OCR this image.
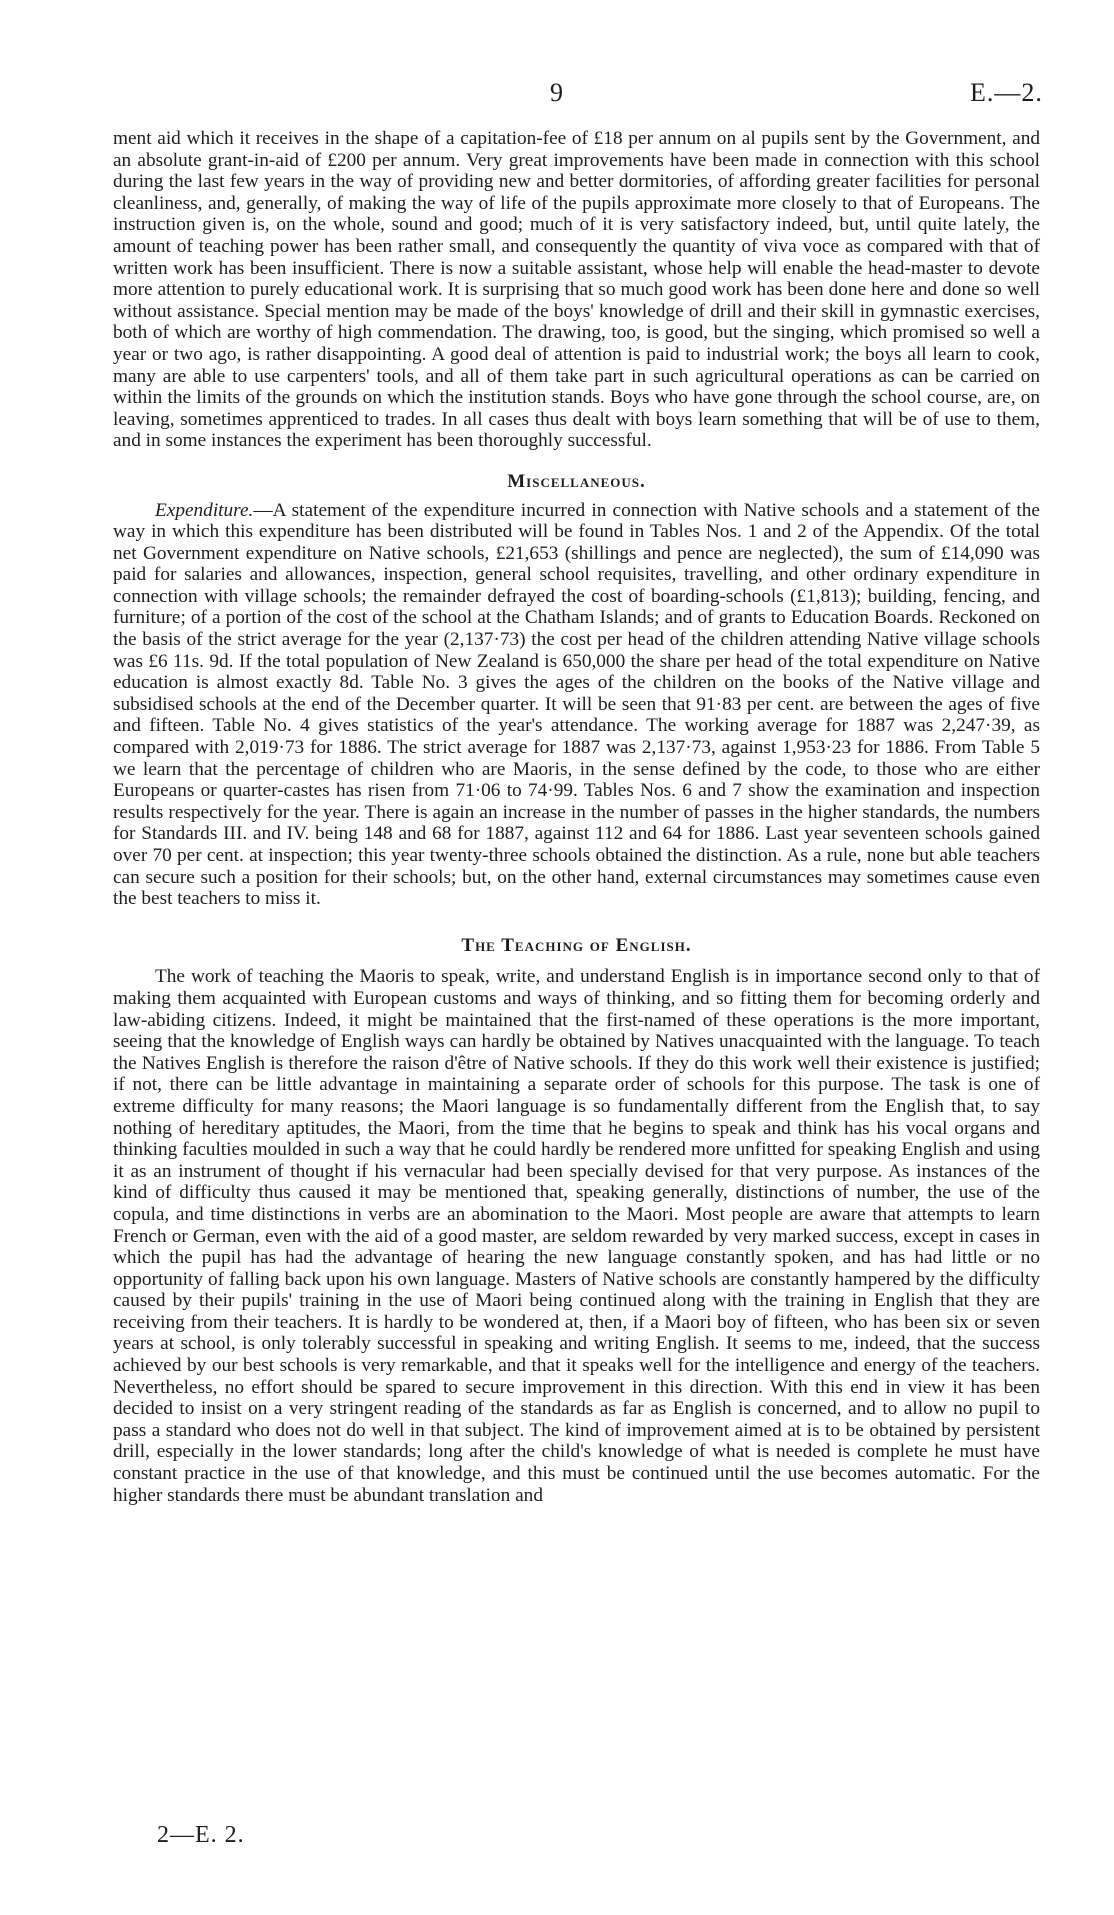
9	E.—2.

ment aid which it receives in the shape of a capitation-fee of £18 per annum on al pupils sent by the Government, and an absolute grant-in-aid of £200 per annum. Very great improvements have been made in connection with this school during the last few years in the way of providing new and better dormitories, of affording greater facilities for personal cleanliness, and, generally, of making the way of life of the pupils approximate more closely to that of Europeans. The instruction given is, on the whole, sound and good; much of it is very satisfactory indeed, but, until quite lately, the amount of teaching power has been rather small, and consequently the quantity of viva voce as compared with that of written work has been insufficient. There is now a suitable assistant, whose help will enable the head-master to devote more attention to purely educational work. It is surprising that so much good work has been done here and done so well without assistance. Special mention may be made of the boys' knowledge of drill and their skill in gymnastic exercises, both of which are worthy of high commendation. The drawing, too, is good, but the singing, which promised so well a year or two ago, is rather disappointing. A good deal of attention is paid to industrial work; the boys all learn to cook, many are able to use carpenters' tools, and all of them take part in such agricultural operations as can be carried on within the limits of the grounds on which the institution stands. Boys who have gone through the school course, are, on leaving, sometimes apprenticed to trades. In all cases thus dealt with boys learn something that will be of use to them, and in some instances the experiment has been thoroughly successful.

Miscellaneous.

Expenditure.—A statement of the expenditure incurred in connection with Native schools and a statement of the way in which this expenditure has been distributed will be found in Tables Nos. 1 and 2 of the Appendix. Of the total net Government expenditure on Native schools, £21,653 (shillings and pence are neglected), the sum of £14,090 was paid for salaries and allowances, inspection, general school requisites, travelling, and other ordinary expenditure in connection with village schools; the remainder defrayed the cost of boarding-schools (£1,813); building, fencing, and furniture; of a portion of the cost of the school at the Chatham Islands; and of grants to Education Boards. Reckoned on the basis of the strict average for the year (2,137·73) the cost per head of the children attending Native village schools was £6 11s. 9d. If the total population of New Zealand is 650,000 the share per head of the total expenditure on Native education is almost exactly 8d. Table No. 3 gives the ages of the children on the books of the Native village and subsidised schools at the end of the December quarter. It will be seen that 91·83 per cent. are between the ages of five and fifteen. Table No. 4 gives statistics of the year's attendance. The working average for 1887 was 2,247·39, as compared with 2,019·73 for 1886. The strict average for 1887 was 2,137·73, against 1,953·23 for 1886. From Table 5 we learn that the percentage of children who are Maoris, in the sense defined by the code, to those who are either Europeans or quarter-castes has risen from 71·06 to 74·99. Tables Nos. 6 and 7 show the examination and inspection results respectively for the year. There is again an increase in the number of passes in the higher standards, the numbers for Standards III. and IV. being 148 and 68 for 1887, against 112 and 64 for 1886. Last year seventeen schools gained over 70 per cent. at inspection; this year twenty-three schools obtained the distinction. As a rule, none but able teachers can secure such a position for their schools; but, on the other hand, external circumstances may sometimes cause even the best teachers to miss it.

The Teaching of English.

The work of teaching the Maoris to speak, write, and understand English is in importance second only to that of making them acquainted with European customs and ways of thinking, and so fitting them for becoming orderly and law-abiding citizens. Indeed, it might be maintained that the first-named of these operations is the more important, seeing that the knowledge of English ways can hardly be obtained by Natives unacquainted with the language. To teach the Natives English is therefore the raison d'être of Native schools. If they do this work well their existence is justified; if not, there can be little advantage in maintaining a separate order of schools for this purpose. The task is one of extreme difficulty for many reasons; the Maori language is so fundamentally different from the English that, to say nothing of hereditary aptitudes, the Maori, from the time that he begins to speak and think has his vocal organs and thinking faculties moulded in such a way that he could hardly be rendered more unfitted for speaking English and using it as an instrument of thought if his vernacular had been specially devised for that very purpose. As instances of the kind of difficulty thus caused it may be mentioned that, speaking generally, distinctions of number, the use of the copula, and time distinctions in verbs are an abomination to the Maori. Most people are aware that attempts to learn French or German, even with the aid of a good master, are seldom rewarded by very marked success, except in cases in which the pupil has had the advantage of hearing the new language constantly spoken, and has had little or no opportunity of falling back upon his own language. Masters of Native schools are constantly hampered by the difficulty caused by their pupils' training in the use of Maori being continued along with the training in English that they are receiving from their teachers. It is hardly to be wondered at, then, if a Maori boy of fifteen, who has been six or seven years at school, is only tolerably successful in speaking and writing English. It seems to me, indeed, that the success achieved by our best schools is very remarkable, and that it speaks well for the intelligence and energy of the teachers. Nevertheless, no effort should be spared to secure improvement in this direction. With this end in view it has been decided to insist on a very stringent reading of the standards as far as English is concerned, and to allow no pupil to pass a standard who does not do well in that subject. The kind of improvement aimed at is to be obtained by persistent drill, especially in the lower standards; long after the child's knowledge of what is needed is complete he must have constant practice in the use of that knowledge, and this must be continued until the use becomes automatic. For the higher standards there must be abundant translation and

2—E. 2.
